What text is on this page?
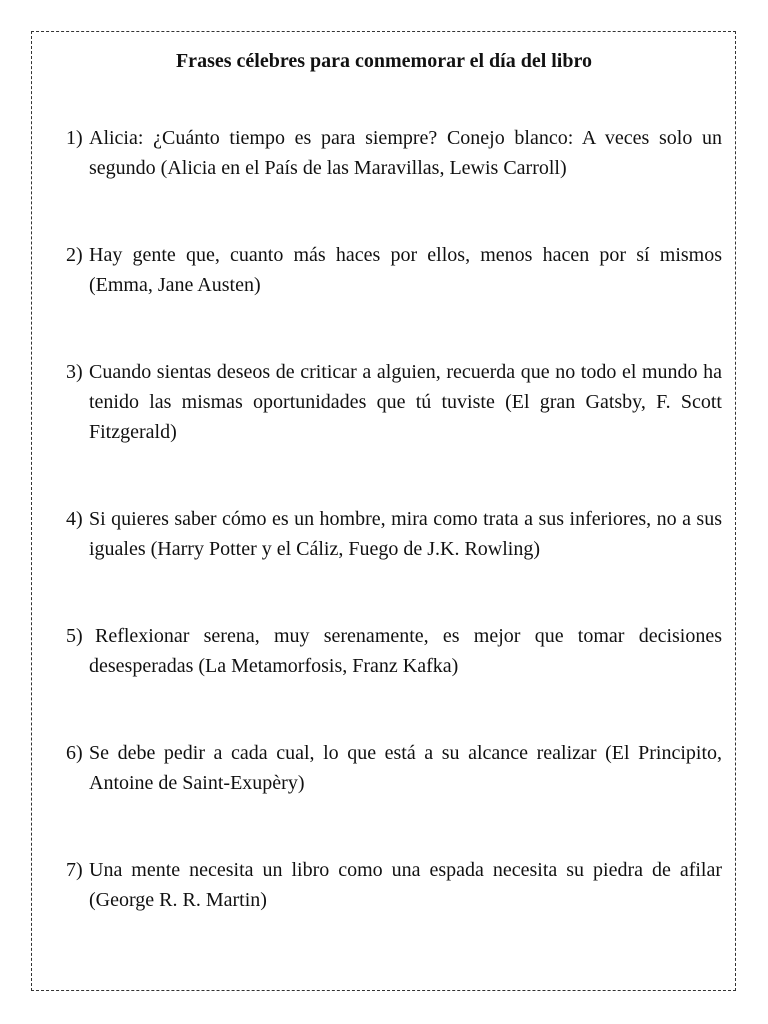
Frases célebres para conmemorar el día del libro
1) Alicia: ¿Cuánto tiempo es para siempre? Conejo blanco: A veces solo un segundo (Alicia en el País de las Maravillas, Lewis Carroll)
2) Hay gente que, cuanto más haces por ellos, menos hacen por sí mismos (Emma, Jane Austen)
3) Cuando sientas deseos de criticar a alguien, recuerda que no todo el mundo ha tenido las mismas oportunidades que tú tuviste (El gran Gatsby, F. Scott Fitzgerald)
4) Si quieres saber cómo es un hombre, mira como trata a sus inferiores, no a sus iguales (Harry Potter y el Cáliz, Fuego de J.K. Rowling)
5) Reflexionar serena, muy serenamente, es mejor que tomar decisiones desesperadas (La Metamorfosis, Franz Kafka)
6) Se debe pedir a cada cual, lo que está a su alcance realizar (El Principito, Antoine de Saint-Exupèry)
7) Una mente necesita un libro como una espada necesita su piedra de afilar (George R. R. Martin)
